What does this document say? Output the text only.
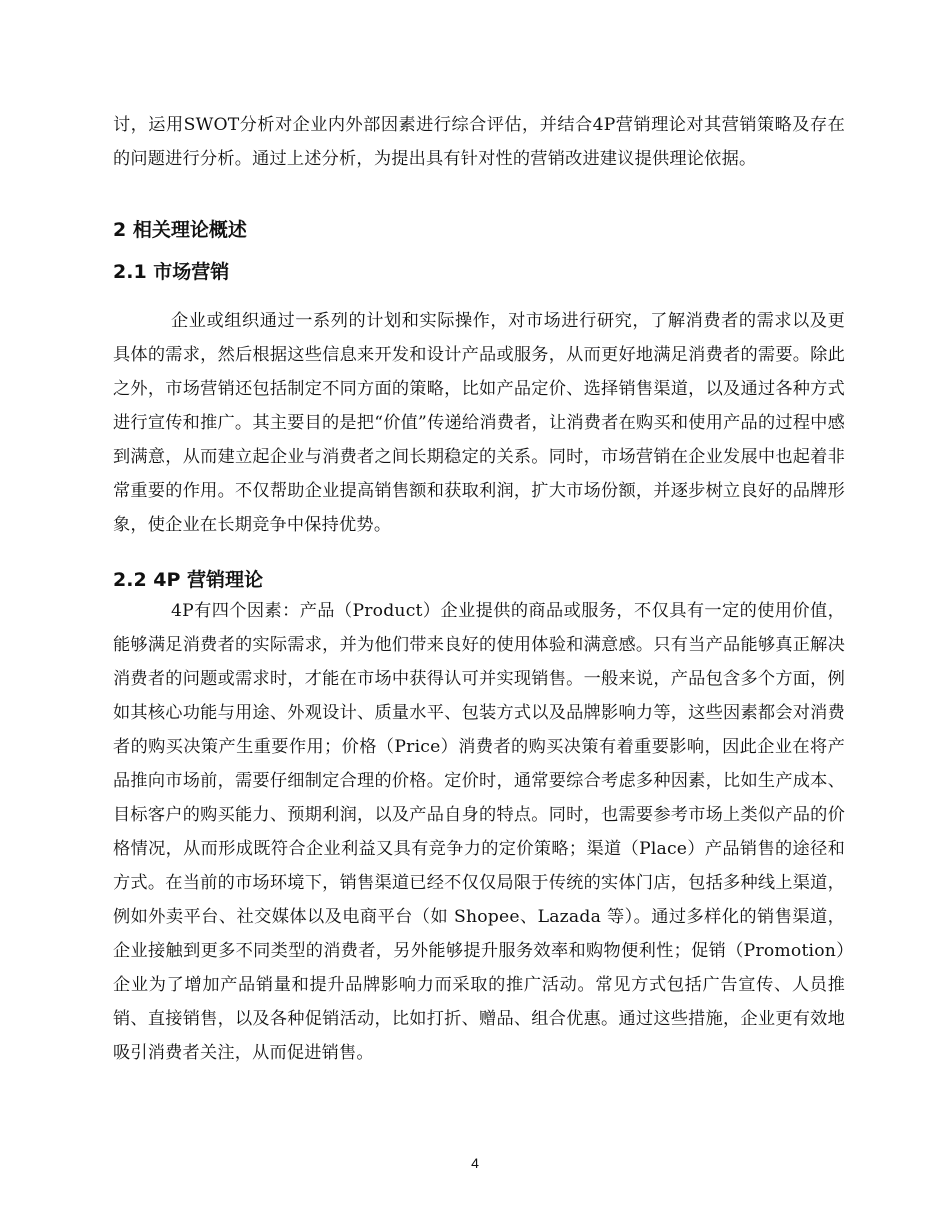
讨，运用SWOT分析对企业内外部因素进行综合评估，并结合4P营销理论对其营销策略及存在的问题进行分析。通过上述分析，为提出具有针对性的营销改进建议提供理论依据。

2 相关理论概述
2.1 市场营销

企业或组织通过一系列的计划和实际操作，对市场进行研究，了解消费者的需求以及更具体的需求，然后根据这些信息来开发和设计产品或服务，从而更好地满足消费者的需要。除此之外，市场营销还包括制定不同方面的策略，比如产品定价、选择销售渠道，以及通过各种方式进行宣传和推广。其主要目的是把“价值”传递给消费者，让消费者在购买和使用产品的过程中感到满意，从而建立起企业与消费者之间长期稳定的关系。同时，市场营销在企业发展中也起着非常重要的作用。不仅帮助企业提高销售额和获取利润，扩大市场份额，并逐步树立良好的品牌形象，使企业在长期竞争中保持优势。

2.2 4P 营销理论

4P有四个因素：产品（Product）企业提供的商品或服务，不仅具有一定的使用价值，能够满足消费者的实际需求，并为他们带来良好的使用体验和满意感。只有当产品能够真正解决消费者的问题或需求时，才能在市场中获得认可并实现销售。一般来说，产品包含多个方面，例如其核心功能与用途、外观设计、质量水平、包装方式以及品牌影响力等，这些因素都会对消费者的购买决策产生重要作用；价格（Price）消费者的购买决策有着重要影响，因此企业在将产品推向市场前，需要仔细制定合理的价格。定价时，通常要综合考虑多种因素，比如生产成本、目标客户的购买能力、预期利润，以及产品自身的特点。同时，也需要参考市场上类似产品的价格情况，从而形成既符合企业利益又具有竞争力的定价策略；渠道（Place）产品销售的途径和方式。在当前的市场环境下，销售渠道已经不仅仅局限于传统的实体门店，包括多种线上渠道，例如外卖平台、社交媒体以及电商平台（如 Shopee、Lazada 等）。通过多样化的销售渠道，企业接触到更多不同类型的消费者，另外能够提升服务效率和购物便利性；促销（Promotion）企业为了增加产品销量和提升品牌影响力而采取的推广活动。常见方式包括广告宣传、人员推销、直接销售，以及各种促销活动，比如打折、赠品、组合优惠。通过这些措施，企业更有效地吸引消费者关注，从而促进销售。

4
